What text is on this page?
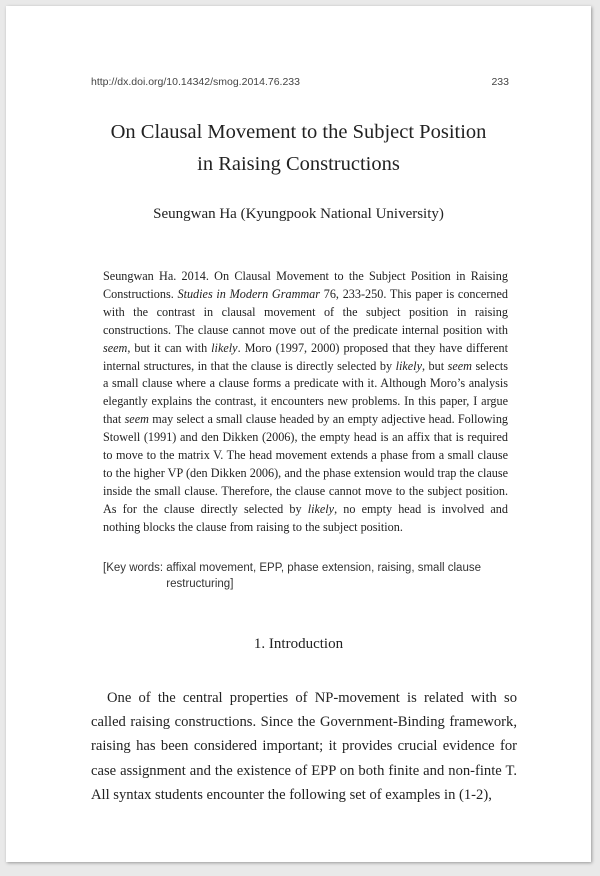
http://dx.doi.org/10.14342/smog.2014.76.233	233
On Clausal Movement to the Subject Position
in Raising Constructions
Seungwan Ha (Kyungpook National University)
Seungwan Ha. 2014. On Clausal Movement to the Subject Position in Raising Constructions. Studies in Modern Grammar 76, 233-250. This paper is concerned with the contrast in clausal movement of the subject position in raising constructions. The clause cannot move out of the predicate internal position with seem, but it can with likely. Moro (1997, 2000) proposed that they have different internal structures, in that the clause is directly selected by likely, but seem selects a small clause where a clause forms a predicate with it. Although Moro’s analysis elegantly explains the contrast, it encounters new problems. In this paper, I argue that seem may select a small clause headed by an empty adjective head. Following Stowell (1991) and den Dikken (2006), the empty head is an affix that is required to move to the matrix V. The head movement extends a phase from a small clause to the higher VP (den Dikken 2006), and the phase extension would trap the clause inside the small clause. Therefore, the clause cannot move to the subject position. As for the clause directly selected by likely, no empty head is involved and nothing blocks the clause from raising to the subject position.
[Key words: affixal movement, EPP, phase extension, raising, small clause restructuring]
1. Introduction
One of the central properties of NP-movement is related with so called raising constructions. Since the Government-Binding framework, raising has been considered important; it provides crucial evidence for case assignment and the existence of EPP on both finite and non-finte T. All syntax students encounter the following set of examples in (1-2),
